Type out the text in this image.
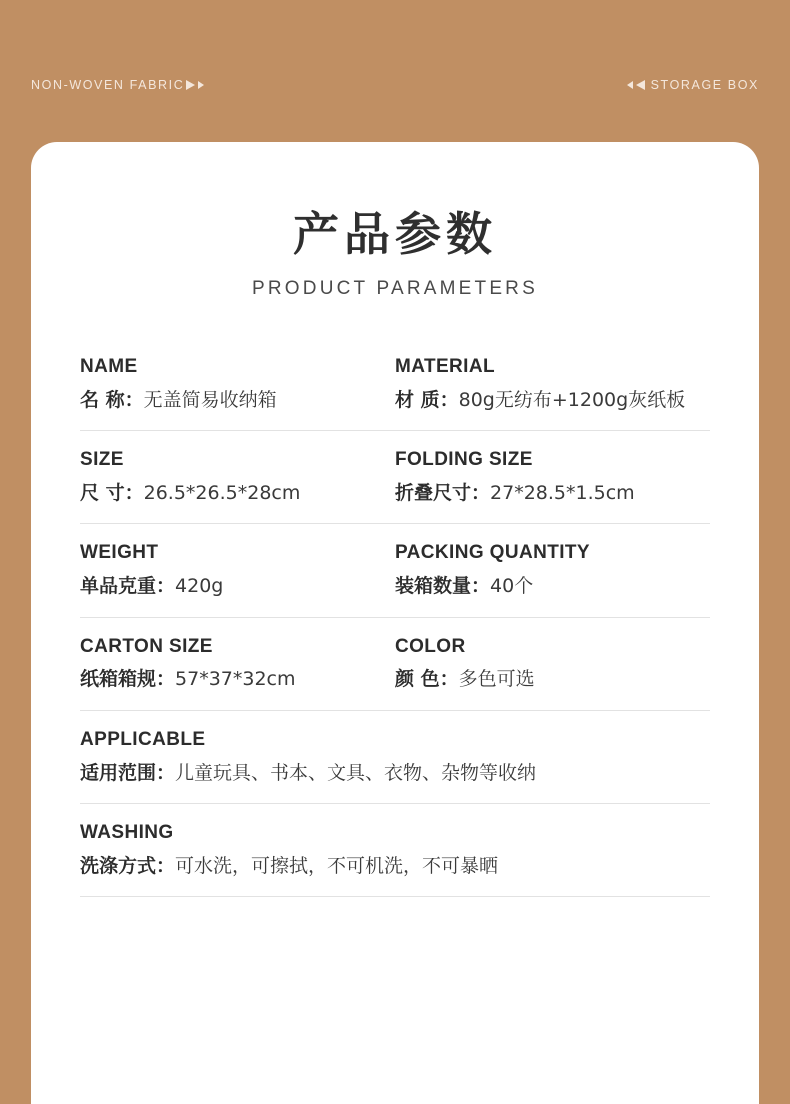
NON-WOVEN FABRIC	STORAGE BOX
产品参数
PRODUCT PARAMETERS
NAME
名 称：无盖简易收纳箱
MATERIAL
材 质：80g无纺布+1200g灰纸板
SIZE
尺 寸：26.5*26.5*28cm
FOLDING SIZE
折叠尺寸：27*28.5*1.5cm
WEIGHT
单品克重：420g
PACKING QUANTITY
装箱数量：40个
CARTON SIZE
纸箱箱规：57*37*32cm
COLOR
颜 色：多色可选
APPLICABLE
适用范围：儿童玩具、书本、文具、衣物、杂物等收纳
WASHING
洗涤方式：可水洗，可擦拭，不可机洗，不可暴晒
